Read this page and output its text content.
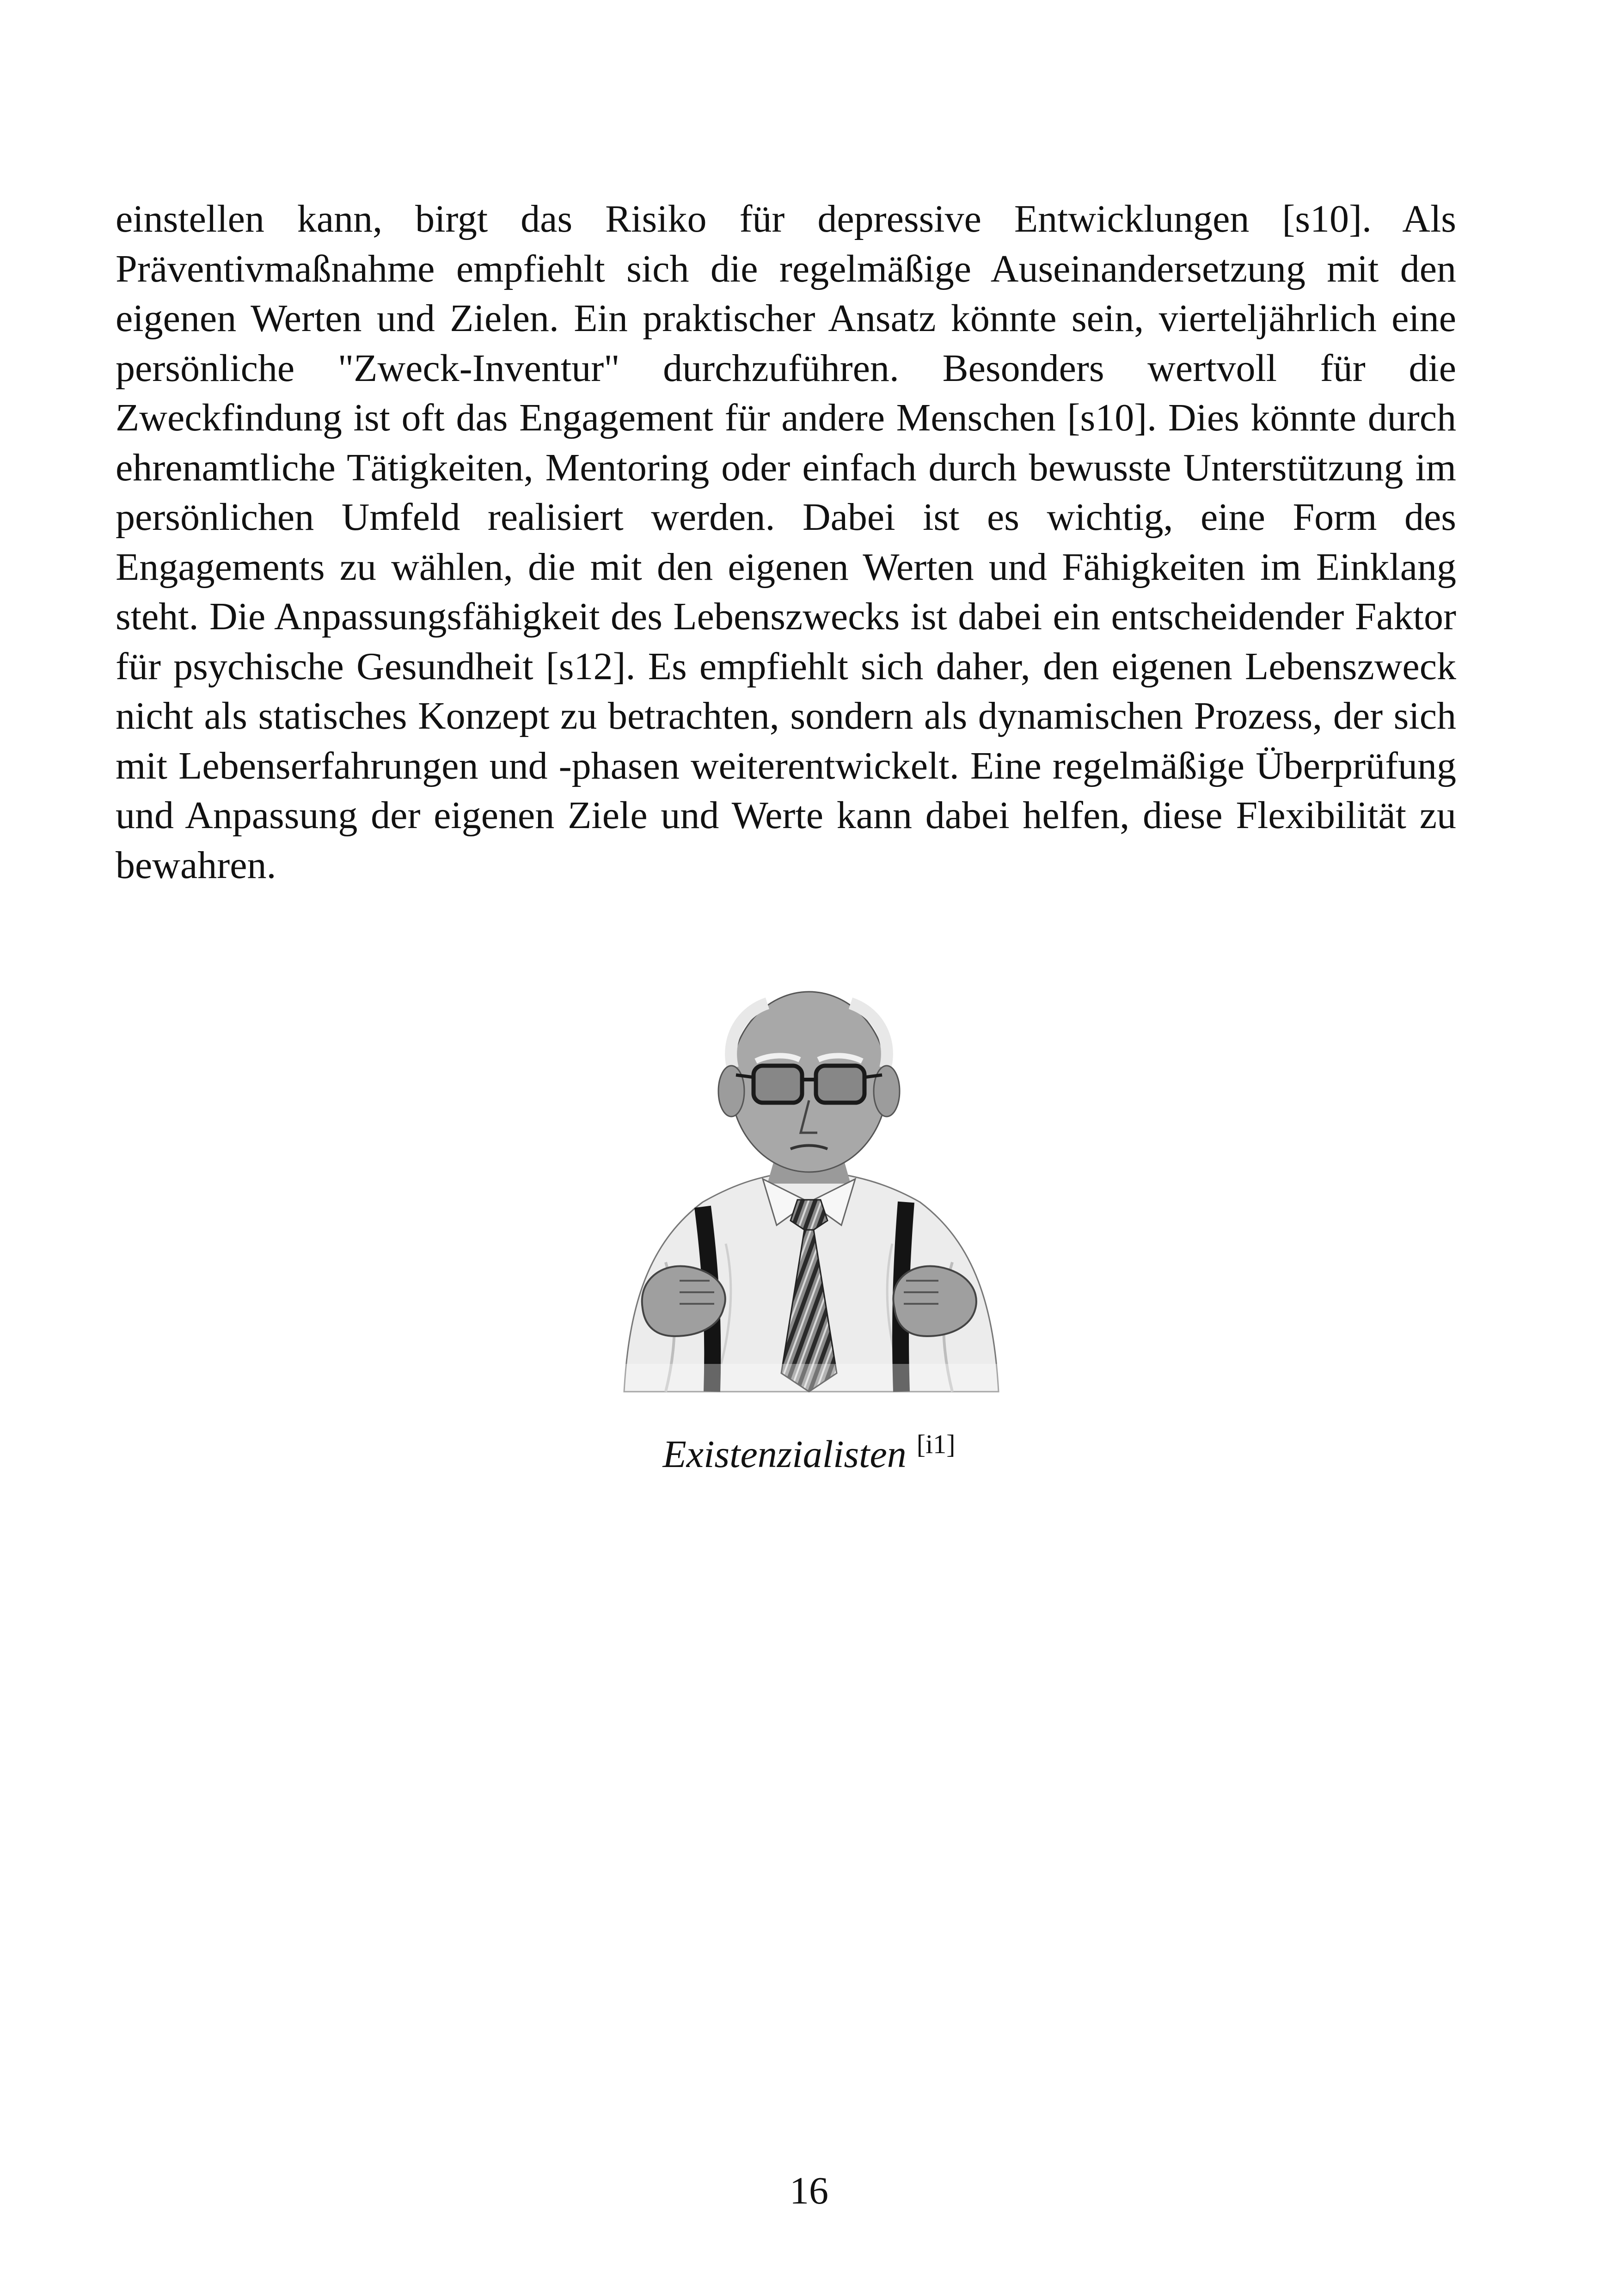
einstellen kann, birgt das Risiko für depressive Entwicklungen [s10]. Als Präventivmaßnahme empfiehlt sich die regelmäßige Auseinandersetzung mit den eigenen Werten und Zielen. Ein praktischer Ansatz könnte sein, vierteljährlich eine persönliche "Zweck-Inventur" durchzuführen. Besonders wertvoll für die Zweckfindung ist oft das Engagement für andere Menschen [s10]. Dies könnte durch ehrenamtliche Tätigkeiten, Mentoring oder einfach durch bewusste Unterstützung im persönlichen Umfeld realisiert werden. Dabei ist es wichtig, eine Form des Engagements zu wählen, die mit den eigenen Werten und Fähigkeiten im Einklang steht. Die Anpassungsfähigkeit des Lebenszwecks ist dabei ein entscheidender Faktor für psychische Gesundheit [s12]. Es empfiehlt sich daher, den eigenen Lebenszweck nicht als statisches Konzept zu betrachten, sondern als dynamischen Prozess, der sich mit Lebenserfahrungen und -phasen weiterentwickelt. Eine regelmäßige Überprüfung und Anpassung der eigenen Ziele und Werte kann dabei helfen, diese Flexibilität zu bewahren.

Existenzialisten [i1]

16
